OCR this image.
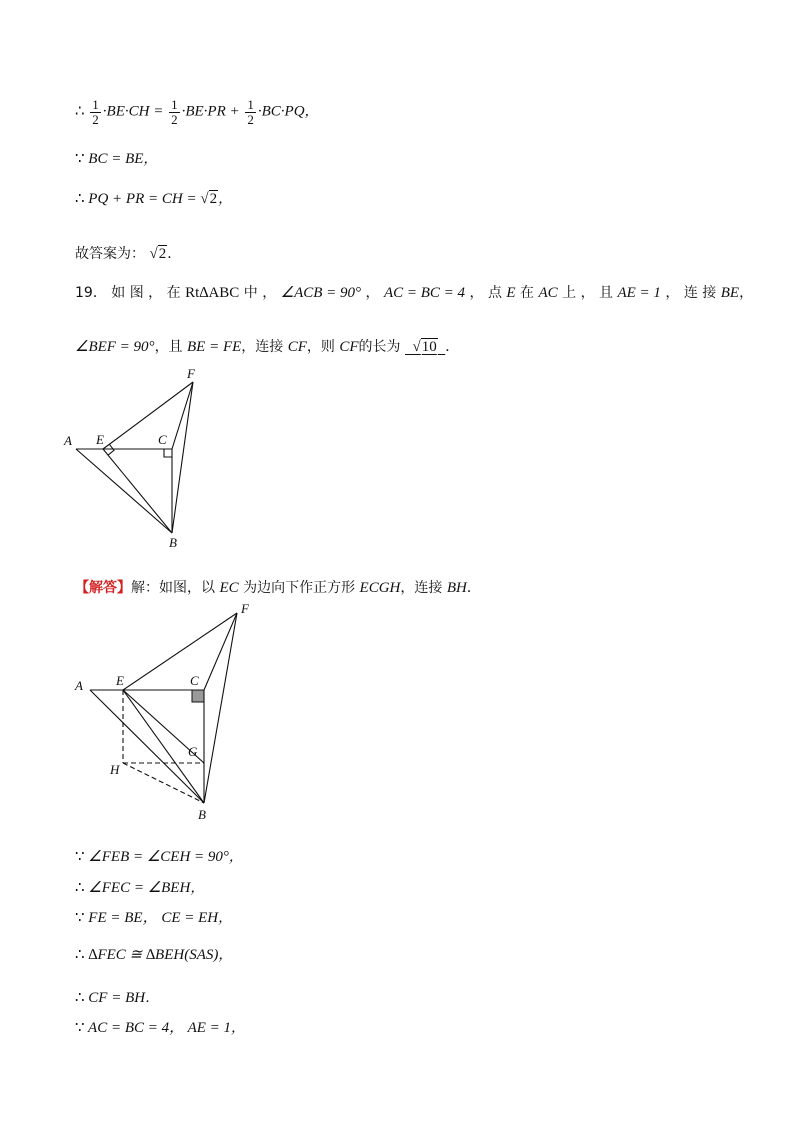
∴ $\frac{1}{2} \cdot BE\cdot CH = \frac{1}{2} \cdot BE\cdot PR + \frac{1}{2} \cdot BC\cdot PQ$，
∵ BC = BE，
∴ PQ + PR = CH = √2，
故答案为： √2．
19． 如 图 ， 在 Rt∆ABC 中 ， ∠ACB = 90° ， AC = BC = 4 ， 点 E 在 AC 上 ， 且 AE = 1 ， 连 接 BE，
∠BEF = 90°，且 BE = FE，连接 CF，则 CF的长为 √10 ．
A E	C
F
B
【解答】解：如图，以 EC 为边向下作正方形 ECGH，连接 BH．
A	E	C
F
G
H
B
∵ ∠FEB = ∠CEH = 90°，
∴ ∠FEC = ∠BEH，
∵ FE = BE， CE = EH，
∴ ∆FEC ≅ ∆BEH(SAS)，
∴ CF = BH．
∵ AC = BC = 4， AE = 1，
